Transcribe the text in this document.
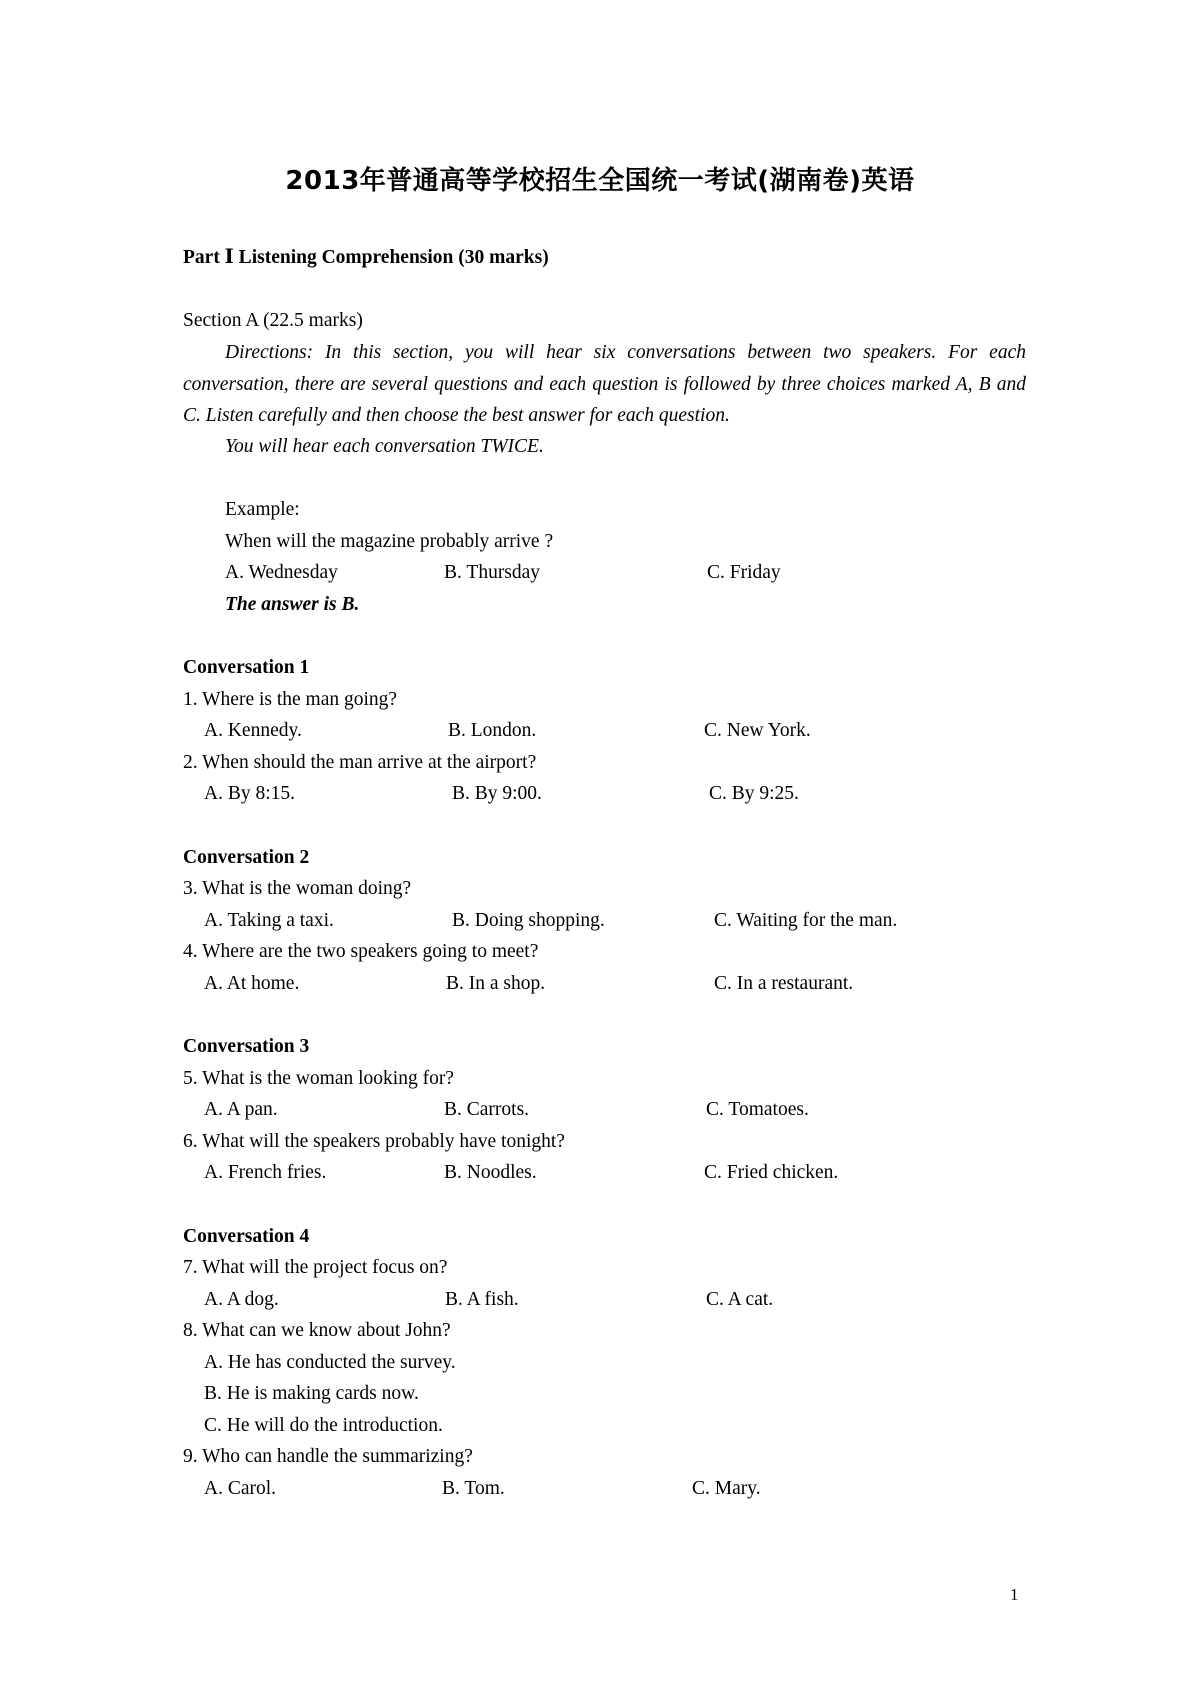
2013年普通高等学校招生全国统一考试(湖南卷)英语
Part Ⅰ Listening Comprehension (30 marks)
Section A (22.5 marks)
Directions: In this section, you will hear six conversations between two speakers. For each conversation, there are several questions and each question is followed by three choices marked A, B and C. Listen carefully and then choose the best answer for each question.
You will hear each conversation TWICE.
Example:
When will the magazine probably arrive ?
A. Wednesday	B. Thursday	C. Friday
The answer is B.
Conversation 1
1. Where is the man going?
A. Kennedy.	B. London.	C. New York.
2. When should the man arrive at the airport?
A. By 8:15.	B. By 9:00.	C. By 9:25.
Conversation 2
3. What is the woman doing?
A. Taking a taxi.	B. Doing shopping.	C. Waiting for the man.
4. Where are the two speakers going to meet?
A. At home.	B. In a shop.	C. In a restaurant.
Conversation 3
5. What is the woman looking for?
A. A pan.	B. Carrots.	C. Tomatoes.
6. What will the speakers probably have tonight?
A. French fries.	B. Noodles.	C. Fried chicken.
Conversation 4
7. What will the project focus on?
A. A dog.	B. A fish.	C. A cat.
8. What can we know about John?
A. He has conducted the survey.
B. He is making cards now.
C. He will do the introduction.
9. Who can handle the summarizing?
A. Carol.	B. Tom.	C. Mary.
1
